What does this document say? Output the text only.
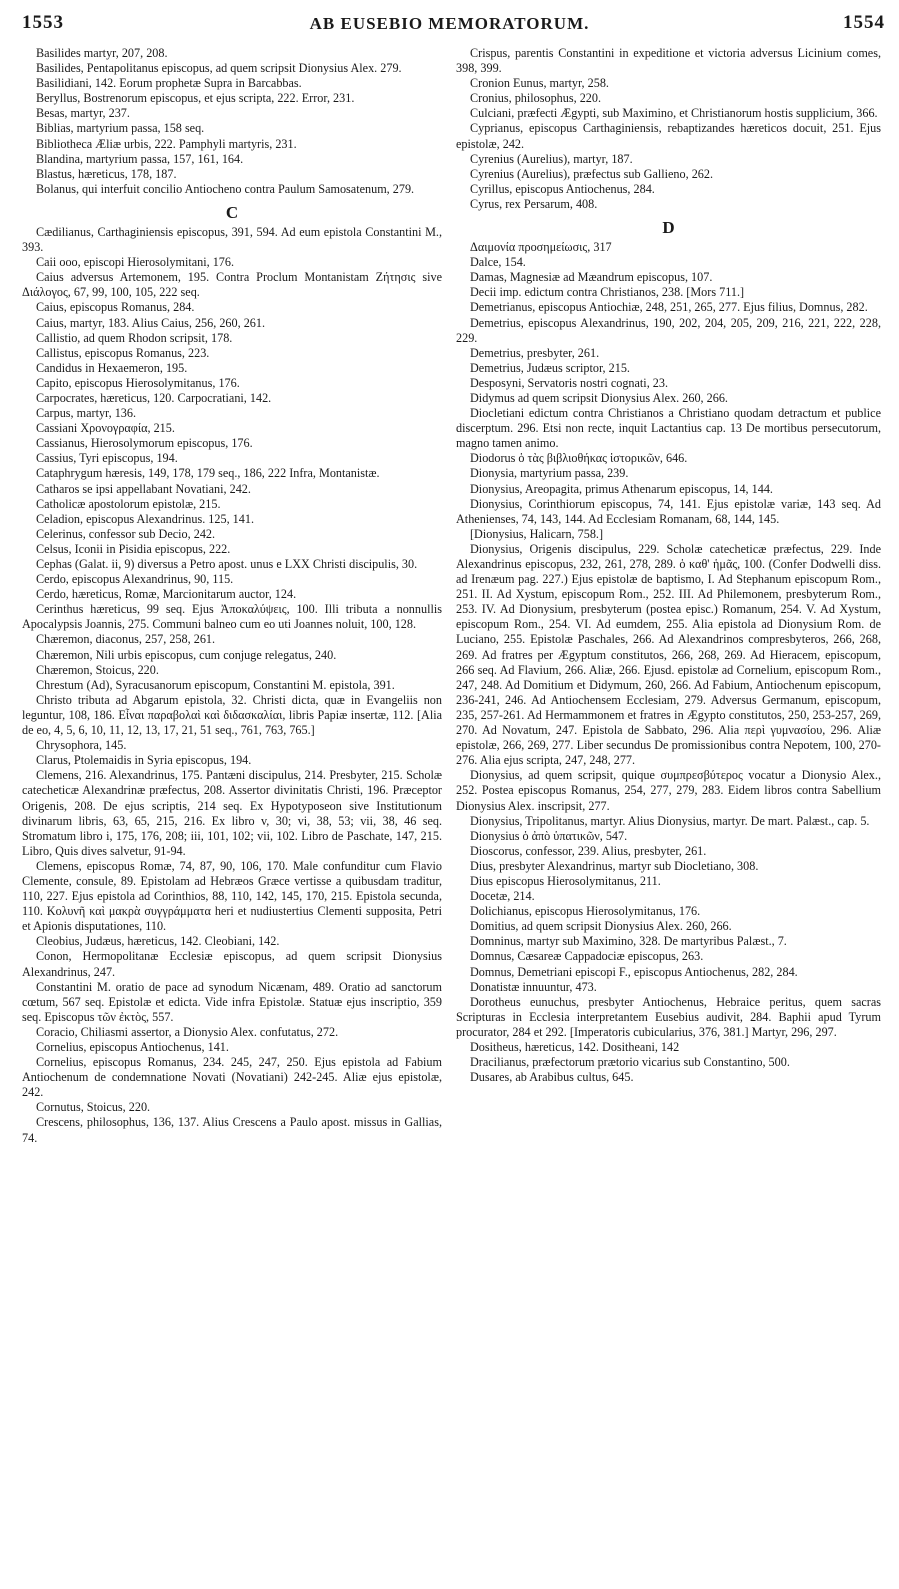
1553	AB EUSEBIO MEMORATORUM.	1554

Basilides martyr, 207, 208.

Basilides, Pentapolitanus episcopus, ad quem scripsit Dionysius Alex. 279.

Basilidiani, 142. Eorum prophetæ Supra in Barcabbas.

Beryllus, Bostrenorum episcopus, et ejus scripta, 222. Error, 231.

Besas, martyr, 237.

Biblias, martyrium passa, 158 seq.

Bibliotheca Æliæ urbis, 222. Pamphyli martyris, 231.

Blandina, martyrium passa, 157, 161, 164.

Blastus, hæreticus, 178, 187.

Bolanus, qui interfuit concilio Antiocheno contra Paulum Samosatenum, 279.

C

Cædilianus, Carthaginiensis episcopus, 391, 594. Ad eum epistola Constantini M., 393.

Caii ooo, episcopi Hierosolymitani, 176.

Caius adversus Artemonem, 195. Contra Proclum Montanistam Ζήτησις sive Διάλογος, 67, 99, 100, 105, 222 seq.

Caius, episcopus Romanus, 284.

Caius, martyr, 183. Alius Caius, 256, 260, 261.

Callistio, ad quem Rhodon scripsit, 178.

Callistus, episcopus Romanus, 223.

Candidus in Hexaemeron, 195.

Capito, episcopus Hierosolymitanus, 176.

Carpocrates, hæreticus, 120. Carpocratiani, 142.

Carpus, martyr, 136.

Cassiani Χρονογραφία, 215.

Cassianus, Hierosolymorum episcopus, 176.

Cassius, Tyri episcopus, 194.

Cataphrygum hæresis, 149, 178, 179 seq., 186, 222 Infra, Montanistæ.

Catharos se ipsi appellabant Novatiani, 242.

Catholicæ apostolorum epistolæ, 215.

Celadion, episcopus Alexandrinus. 125, 141.

Celerinus, confessor sub Decio, 242.

Celsus, Iconii in Pisidia episcopus, 222.

Cephas (Galat. ii, 9) diversus a Petro apost. unus e LXX Christi discipulis, 30.

Cerdo, episcopus Alexandrinus, 90, 115.

Cerdo, hæreticus, Romæ, Marcionitarum auctor, 124.

Cerinthus hæreticus, 99 seq. Ejus Ἀποκαλύψεις, 100. Illi tributa a nonnullis Apocalypsis Joannis, 275. Communi balneo cum eo uti Joannes noluit, 100, 128.

Chæremon, diaconus, 257, 258, 261.

Chæremon, Nili urbis episcopus, cum conjuge relegatus, 240.

Chæremon, Stoicus, 220.

Chrestum (Ad), Syracusanorum episcopum, Constantini M. epistola, 391.

Christo tributa ad Abgarum epistola, 32. Christi dicta, quæ in Evangeliis non leguntur, 108, 186. Εἶναι παραβολαὶ καὶ διδασκαλίαι, libris Papiæ insertæ, 112. [Alia de eo, 4, 5, 6, 10, 11, 12, 13, 17, 21, 51 seq., 761, 763, 765.]

Chrysophora, 145.

Clarus, Ptolemaidis in Syria episcopus, 194.

Clemens, 216. Alexandrinus, 175. Pantæni discipulus, 214. Presbyter, 215. Scholæ catecheticæ Alexandrinæ præfectus, 208. Assertor divinitatis Christi, 196. Præceptor Origenis, 208. De ejus scriptis, 214 seq. Ex Hypotyposeon sive Institutionum divinarum libris, 63, 65, 215, 216. Ex libro v, 30; vi, 38, 53; vii, 38, 46 seq. Stromatum libro i, 175, 176, 208; iii, 101, 102; vii, 102. Libro de Paschate, 147, 215. Libro, Quis dives salvetur, 91-94.

Clemens, episcopus Romæ, 74, 87, 90, 106, 170. Male confunditur cum Flavio Clemente, consule, 89. Epistolam ad Hebræos Græce vertisse a quibusdam traditur, 110, 227. Ejus epistola ad Corinthios, 88, 110, 142, 145, 170, 215. Epistola secunda, 110. Κολυνῆ καὶ μακρὰ συγγράμματα heri et nudiustertius Clementi supposita, Petri et Apionis disputationes, 110.

Cleobius, Judæus, hæreticus, 142. Cleobiani, 142.

Conon, Hermopolitanæ Ecclesiæ episcopus, ad quem scripsit Dionysius Alexandrinus, 247.

Constantini M. oratio de pace ad synodum Nicænam, 489. Oratio ad sanctorum cœtum, 567 seq. Epistolæ et edicta. Vide infra Epistolæ. Statuæ ejus inscriptio, 359 seq. Episcopus τῶν ἐκτὸς, 557.

Coracio, Chiliasmi assertor, a Dionysio Alex. confutatus, 272.

Cornelius, episcopus Antiochenus, 141.

Cornelius, episcopus Romanus, 234. 245, 247, 250. Ejus epistola ad Fabium Antiochenum de condemnatione Novati (Novatiani) 242-245. Aliæ ejus epistolæ, 242.

Cornutus, Stoicus, 220.

Crescens, philosophus, 136, 137. Alius Crescens a Paulo apost. missus in Gallias, 74.

Crispus, parentis Constantini in expeditione et victoria adversus Licinium comes, 398, 399.

Cronion Eunus, martyr, 258.

Cronius, philosophus, 220.

Culciani, præfecti Ægypti, sub Maximino, et Christianorum hostis supplicium, 366.

Cyprianus, episcopus Carthaginiensis, rebaptizandes hæreticos docuit, 251. Ejus epistolæ, 242.

Cyrenius (Aurelius), martyr, 187.

Cyrenius (Aurelius), præfectus sub Gallieno, 262.

Cyrillus, episcopus Antiochenus, 284.

Cyrus, rex Persarum, 408.

D

Δαιμονία προσημείωσις, 317

Dalce, 154.

Damas, Magnesiæ ad Mæandrum episcopus, 107.

Decii imp. edictum contra Christianos, 238. [Mors 711.]

Demetrianus, episcopus Antiochiæ, 248, 251, 265, 277. Ejus filius, Domnus, 282.

Demetrius, episcopus Alexandrinus, 190, 202, 204, 205, 209, 216, 221, 222, 228, 229.

Demetrius, presbyter, 261.

Demetrius, Judæus scriptor, 215.

Desposyni, Servatoris nostri cognati, 23.

Didymus ad quem scripsit Dionysius Alex. 260, 266.

Diocletiani edictum contra Christianos a Christiano quodam detractum et publice discerptum. 296. Etsi non recte, inquit Lactantius cap. 13 De mortibus persecutorum, magno tamen animo.

Diodorus ὁ τὰς βιβλιοθήκας ἱστορικῶν, 646.

Dionysia, martyrium passa, 239.

Dionysius, Areopagita, primus Athenarum episcopus, 14, 144.

Dionysius, Corinthiorum episcopus, 74, 141. Ejus epistolæ variæ, 143 seq. Ad Athenienses, 74, 143, 144. Ad Ecclesiam Romanam, 68, 144, 145.

[Dionysius, Halicarn, 758.]

Dionysius, Origenis discipulus, 229. Scholæ catecheticæ præfectus, 229. Inde Alexandrinus episcopus, 232, 261, 278, 289. ὁ καθ' ἡμᾶς, 100. (Confer Dodwelli diss. ad Irenæum pag. 227.) Ejus epistolæ de baptismo, I. Ad Stephanum episcopum Rom., 251. II. Ad Xystum, episcopum Rom., 252. III. Ad Philemonem, presbyterum Rom., 253. IV. Ad Dionysium, presbyterum (postea episc.) Romanum, 254. V. Ad Xystum, episcopum Rom., 254. VI. Ad eumdem, 255. Alia epistola ad Dionysium Rom. de Luciano, 255. Epistolæ Paschales, 266. Ad Alexandrinos compresbyteros, 266, 268, 269. Ad fratres per Ægyptum constitutos, 266, 268, 269. Ad Hieracem, episcopum, 266 seq. Ad Flavium, 266. Aliæ, 266. Ejusd. epistolæ ad Cornelium, episcopum Rom., 247, 248. Ad Domitium et Didymum, 260, 266. Ad Fabium, Antiochenum episcopum, 236-241, 246. Ad Antiochensem Ecclesiam, 279. Adversus Germanum, episcopum, 235, 257-261. Ad Hermammonem et fratres in Ægypto constitutos, 250, 253-257, 269, 270. Ad Novatum, 247. Epistola de Sabbato, 296. Alia περὶ γυμνασίου, 296. Aliæ epistolæ, 266, 269, 277. Liber secundus De promissionibus contra Nepotem, 100, 270-276. Alia ejus scripta, 247, 248, 277.

Dionysius, ad quem scripsit, quique συμπρεσβύτερος vocatur a Dionysio Alex., 252. Postea episcopus Romanus, 254, 277, 279, 283. Eidem libros contra Sabellium Dionysius Alex. inscripsit, 277.

Dionysius, Tripolitanus, martyr. Alius Dionysius, martyr. De mart. Palæst., cap. 5.

Dionysius ὁ ἀπὸ ὑπατικῶν, 547.

Dioscorus, confessor, 239. Alius, presbyter, 261.

Dius, presbyter Alexandrinus, martyr sub Diocletiano, 308.

Dius episcopus Hierosolymitanus, 211.

Docetæ, 214.

Dolichianus, episcopus Hierosolymitanus, 176.

Domitius, ad quem scripsit Dionysius Alex. 260, 266.

Domninus, martyr sub Maximino, 328. De martyribus Palæst., 7.

Domnus, Cæsareæ Cappadociæ episcopus, 263.

Domnus, Demetriani episcopi F., episcopus Antiochenus, 282, 284.

Donatistæ innuuntur, 473.

Dorotheus eunuchus, presbyter Antiochenus, Hebraice peritus, quem sacras Scripturas in Ecclesia interpretantem Eusebius audivit, 284. Baphii apud Tyrum procurator, 284 et 292. [Imperatoris cubicularius, 376, 381.] Martyr, 296, 297.

Dositheus, hæreticus, 142. Dositheani, 142

Dracilianus, præfectorum prætorio vicarius sub Constantino, 500.

Dusares, ab Arabibus cultus, 645.
